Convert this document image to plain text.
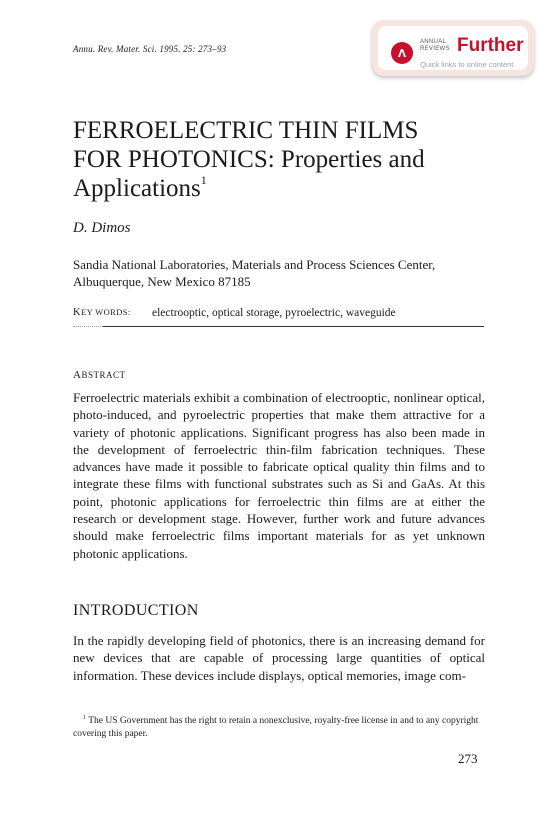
Annu. Rev. Mater. Sci. 1995. 25: 273–93
ANNUAL
REVIEWS Further
Quick links to online content
FERROELECTRIC THIN FILMS
FOR PHOTONICS: Properties and
Applications$^1$
D. Dimos
Sandia National Laboratories, Materials and Process Sciences Center,
Albuquerque, New Mexico 87185
KEY WORDS: electrooptic, optical storage, pyroelectric, waveguide
ABSTRACT

Ferroelectric materials exhibit a combination of electrooptic, nonlinear optical, photo-induced, and pyroelectric properties that make them attractive for a variety of photonic applications. Significant progress has also been made in the development of ferroelectric thin-film fabrication techniques. These advances have made it possible to fabricate optical quality thin films and to integrate these films with functional substrates such as Si and GaAs. At this point, photonic applications for ferroelectric thin films are at either the research or development stage. However, further work and future advances should make ferroelectric films important materials for as yet unknown photonic applications.

INTRODUCTION

In the rapidly developing field of photonics, there is an increasing demand for new devices that are capable of processing large quantities of optical information. These devices include displays, optical memories, image com-

$^1$ The US Government has the right to retain a nonexclusive, royalty-free license in and to any copyright covering this paper.

273
